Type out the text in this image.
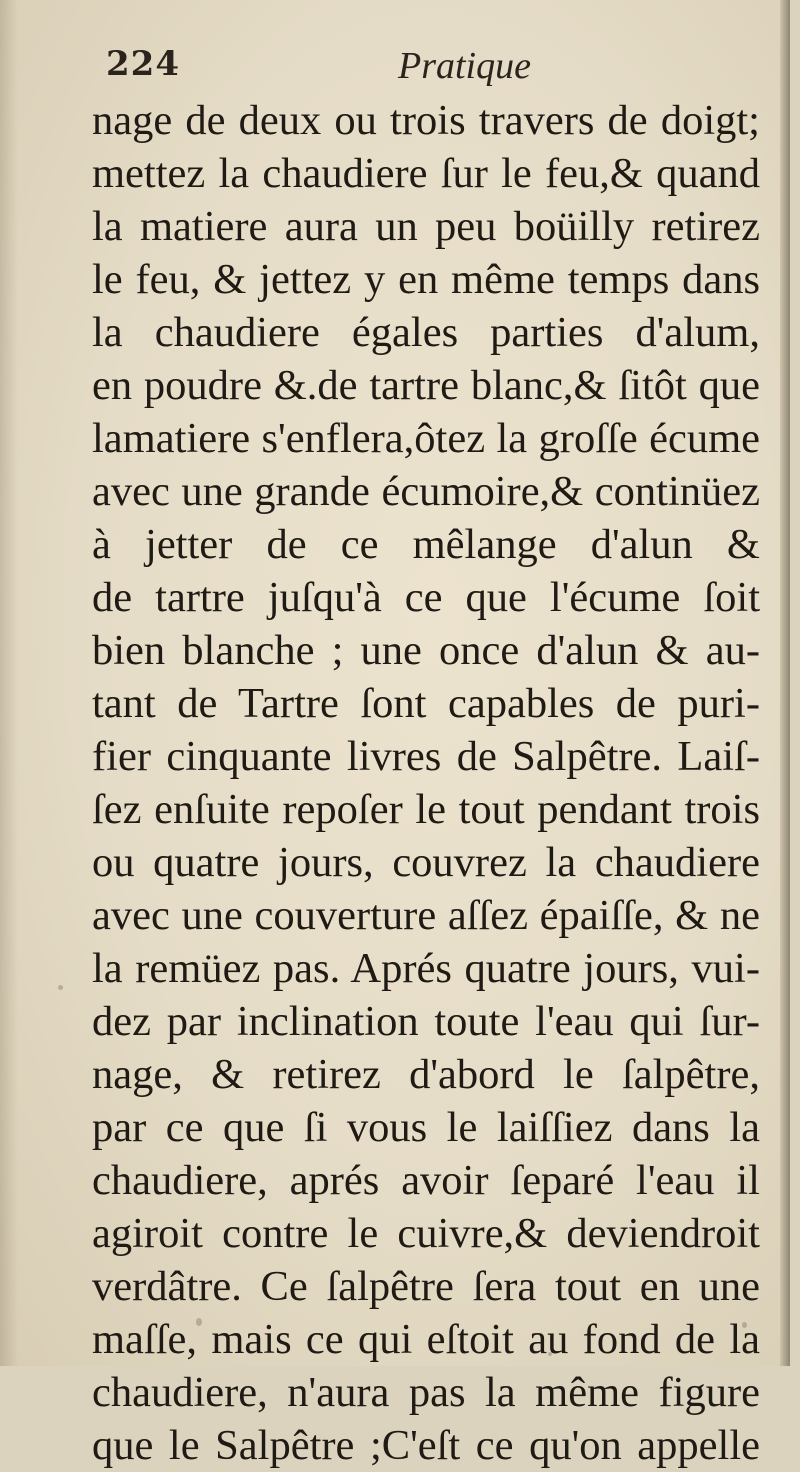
224	Pratique
nage de deux ou trois travers de doigt;
mettez la chaudiere ſur le feu,& quand
la matiere aura un peu boüilly retirez
le feu, & jettez y en même temps dans
la chaudiere égales parties d'alum,
en poudre &.de tartre blanc,& ſitôt que
lamatiere s'enflera,ôtez la groſſe écume
avec une grande écumoire,& continüez
à jetter de ce mêlange d'alun &
de tartre juſqu'à ce que l'écume ſoit
bien blanche ; une once d'alun & au-
tant de Tartre ſont capables de puri-
fier cinquante livres de Salpêtre. Laiſ-
ſez enſuite repoſer le tout pendant trois
ou quatre jours, couvrez la chaudiere
avec une couverture aſſez épaiſſe, & ne
la remüez pas. Aprés quatre jours, vui-
dez par inclination toute l'eau qui ſur-
nage, & retirez d'abord le ſalpêtre,
par ce que ſi vous le laiſſiez dans la
chaudiere, aprés avoir ſeparé l'eau il
agiroit contre le cuivre,& deviendroit
verdâtre. Ce ſalpêtre ſera tout en une
maſſe, mais ce qui eſtoit au fond de la
chaudiere, n'aura pas la même figure
que le Salpêtre ;C'eſt ce qu'on appelle
